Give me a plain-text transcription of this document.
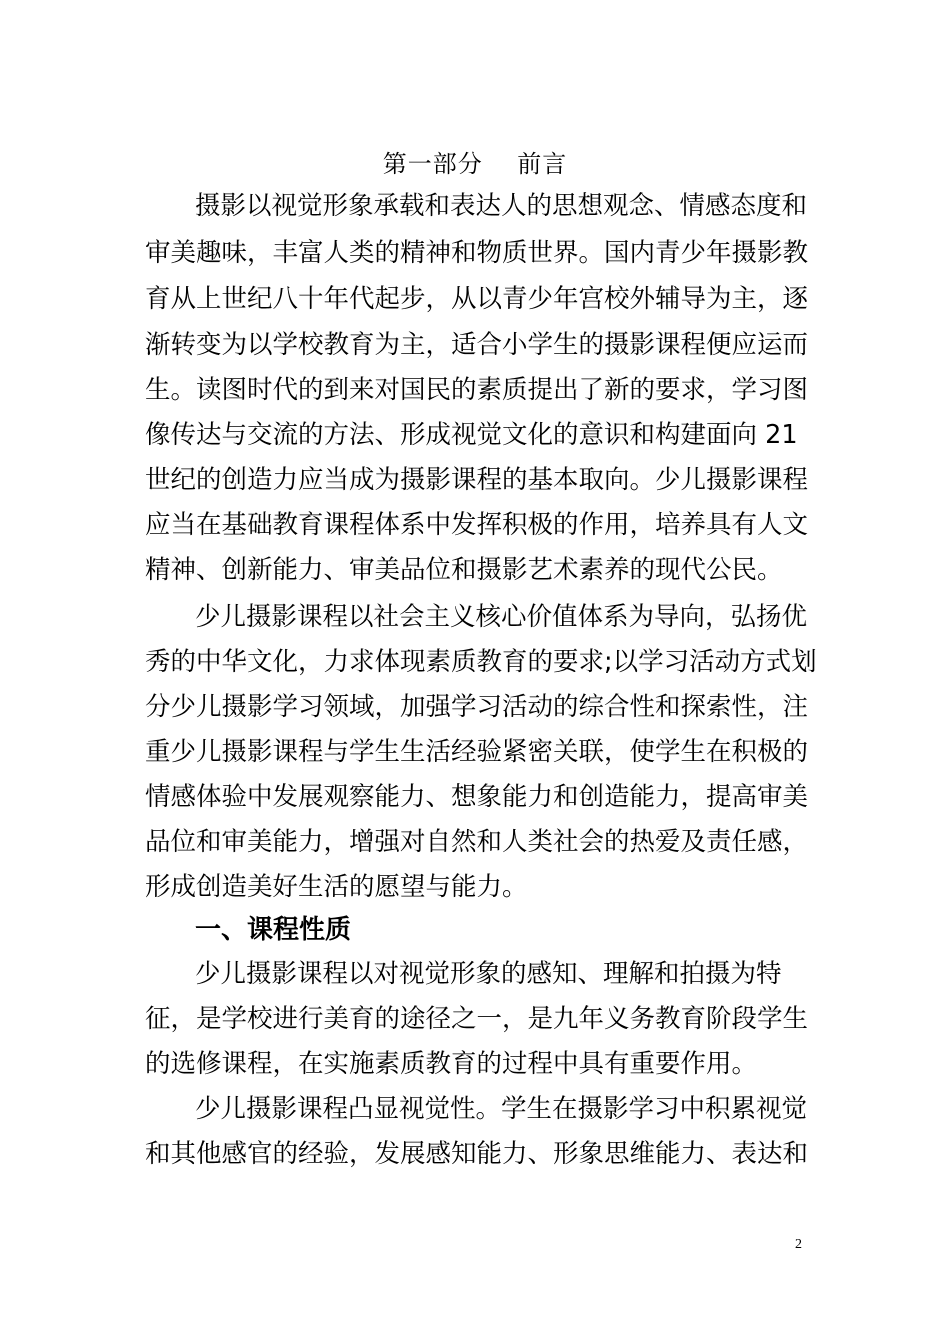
第一部分    前言
摄影以视觉形象承载和表达人的思想观念、情感态度和
审美趣味，丰富人类的精神和物质世界。国内青少年摄影教
育从上世纪八十年代起步，从以青少年宫校外辅导为主，逐
渐转变为以学校教育为主，适合小学生的摄影课程便应运而
生。读图时代的到来对国民的素质提出了新的要求，学习图
像传达与交流的方法、形成视觉文化的意识和构建面向 21
世纪的创造力应当成为摄影课程的基本取向。少儿摄影课程
应当在基础教育课程体系中发挥积极的作用，培养具有人文
精神、创新能力、审美品位和摄影艺术素养的现代公民。
少儿摄影课程以社会主义核心价值体系为导向，弘扬优
秀的中华文化，力求体现素质教育的要求;以学习活动方式划
分少儿摄影学习领域，加强学习活动的综合性和探索性，注
重少儿摄影课程与学生生活经验紧密关联，使学生在积极的
情感体验中发展观察能力、想象能力和创造能力，提高审美
品位和审美能力，增强对自然和人类社会的热爱及责任感，
形成创造美好生活的愿望与能力。
一、课程性质
少儿摄影课程以对视觉形象的感知、理解和拍摄为特
征，是学校进行美育的途径之一，是九年义务教育阶段学生
的选修课程，在实施素质教育的过程中具有重要作用。
少儿摄影课程凸显视觉性。学生在摄影学习中积累视觉
和其他感官的经验，发展感知能力、形象思维能力、表达和
2
